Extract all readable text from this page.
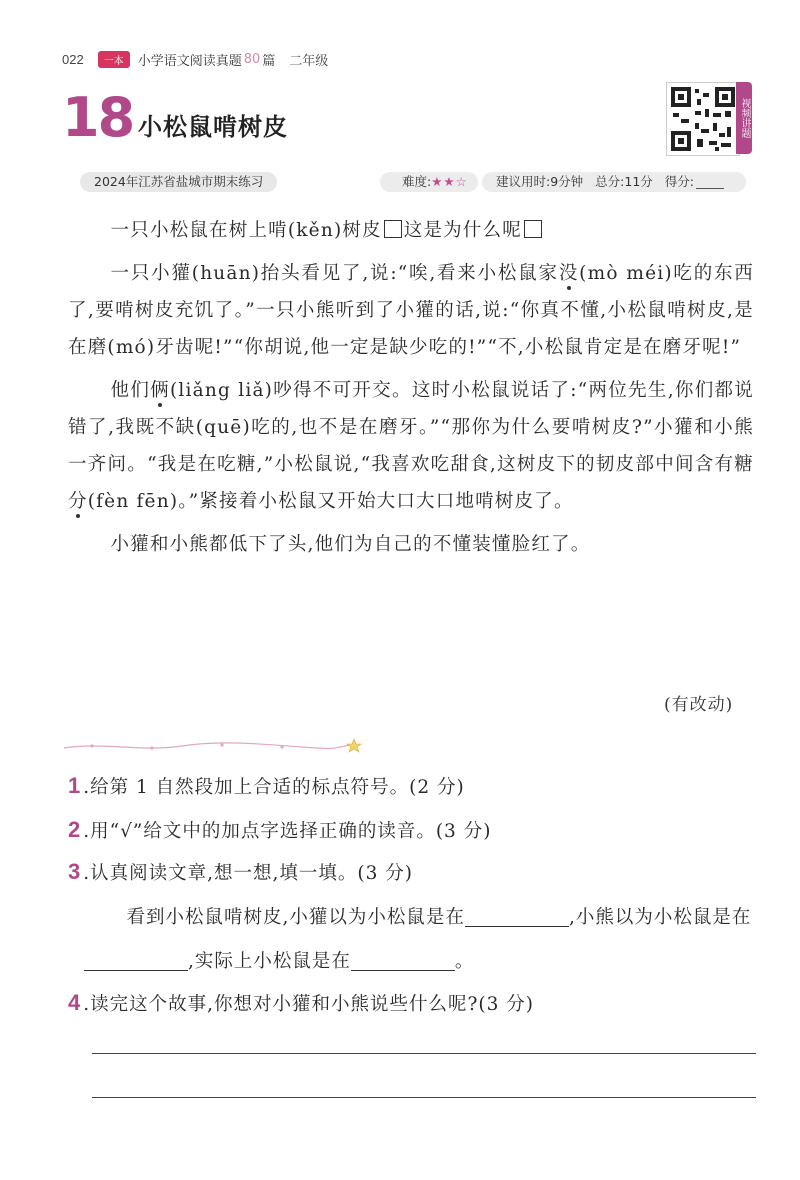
022	一本	小学语文阅读真题 80 篇 二年级
18 小松鼠啃树皮	视频讲题
2024年江苏省盐城市期末练习	难度:★★☆	建议用时:9分钟 总分:11分 得分:

一只小松鼠在树上啃(kěn)树皮 这是为什么呢

一只小獾(huān)抬头看见了,说:“唉,看来小松鼠家没(mò méi)吃的东西了,要啃树皮充饥了。”一只小熊听到了小獾的话,说:“你真不懂,小松鼠啃树皮,是在磨(mó)牙齿呢!”“你胡说,他一定是缺少吃的!”“不,小松鼠肯定是在磨牙呢!”

他们俩(liǎng liǎ)吵得不可开交。这时小松鼠说话了:“两位先生,你们都说错了,我既不缺(quē)吃的,也不是在磨牙。”“那你为什么要啃树皮?”小獾和小熊一齐问。“我是在吃糖,”小松鼠说,“我喜欢吃甜食,这树皮下的韧皮部中间含有糖分(fèn fēn)。”紧接着小松鼠又开始大口大口地啃树皮了。

小獾和小熊都低下了头,他们为自己的不懂装懂脸红了。

(有改动)
1 .给第 1 自然段加上合适的标点符号。(2 分)
2 .用“√”给文中的加点字选择正确的读音。(3 分)
3 .认真阅读文章,想一想,填一填。(3 分)

看到小松鼠啃树皮,小獾以为小松鼠是在	,小熊以为小松鼠是在,实际上小松鼠是在	。

4 .读完这个故事,你想对小獾和小熊说些什么呢?(3 分)
